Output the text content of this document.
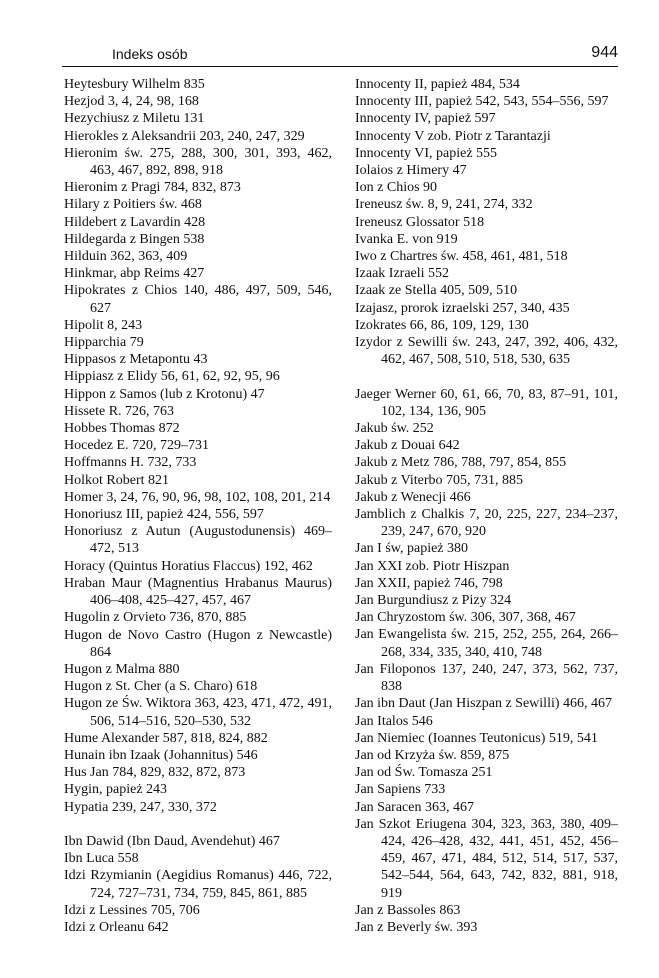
Indeks osób	944
Heytesbury Wilhelm 835
Hezjod 3, 4, 24, 98, 168
Hezychiusz z Miletu 131
Hierokles z Aleksandrii 203, 240, 247, 329
Hieronim św. 275, 288, 300, 301, 393, 462, 463, 467, 892, 898, 918
Hieronim z Pragi 784, 832, 873
Hilary z Poitiers św. 468
Hildebert z Lavardin 428
Hildegarda z Bingen 538
Hilduin 362, 363, 409
Hinkmar, abp Reims 427
Hipokrates z Chios 140, 486, 497, 509, 546, 627
Hipolit 8, 243
Hipparchia 79
Hippasos z Metapontu 43
Hippiasz z Elidy 56, 61, 62, 92, 95, 96
Hippon z Samos (lub z Krotonu) 47
Hissete R. 726, 763
Hobbes Thomas 872
Hocedez E. 720, 729–731
Hoffmanns H. 732, 733
Holkot Robert 821
Homer 3, 24, 76, 90, 96, 98, 102, 108, 201, 214
Honoriusz III, papież 424, 556, 597
Honoriusz z Autun (Augustodunensis) 469–472, 513
Horacy (Quintus Horatius Flaccus) 192, 462
Hraban Maur (Magnentius Hrabanus Maurus) 406–408, 425–427, 457, 467
Hugolin z Orvieto 736, 870, 885
Hugon de Novo Castro (Hugon z Newcastle) 864
Hugon z Malma 880
Hugon z St. Cher (a S. Charo) 618
Hugon ze Św. Wiktora 363, 423, 471, 472, 491, 506, 514–516, 520–530, 532
Hume Alexander 587, 818, 824, 882
Hunain ibn Izaak (Johannitus) 546
Hus Jan 784, 829, 832, 872, 873
Hygin, papież 243
Hypatia 239, 247, 330, 372
Ibn Dawid (Ibn Daud, Avendehut) 467
Ibn Luca 558
Idzi Rzymianin (Aegidius Romanus) 446, 722, 724, 727–731, 734, 759, 845, 861, 885
Idzi z Lessines 705, 706
Idzi z Orleanu 642
Innocenty II, papież 484, 534
Innocenty III, papież 542, 543, 554–556, 597
Innocenty IV, papież 597
Innocenty V zob. Piotr z Tarantazji
Innocenty VI, papież 555
Iolaios z Himery 47
Ion z Chios 90
Ireneusz św. 8, 9, 241, 274, 332
Ireneusz Glossator 518
Ivanka E. von 919
Iwo z Chartres św. 458, 461, 481, 518
Izaak Izraeli 552
Izaak ze Stella 405, 509, 510
Izajasz, prorok izraelski 257, 340, 435
Izokrates 66, 86, 109, 129, 130
Izydor z Sewilli św. 243, 247, 392, 406, 432, 462, 467, 508, 510, 518, 530, 635
Jaeger Werner 60, 61, 66, 70, 83, 87–91, 101, 102, 134, 136, 905
Jakub św. 252
Jakub z Douai 642
Jakub z Metz 786, 788, 797, 854, 855
Jakub z Viterbo 705, 731, 885
Jakub z Wenecji 466
Jamblich z Chalkis 7, 20, 225, 227, 234–237, 239, 247, 670, 920
Jan I św, papież 380
Jan XXI zob. Piotr Hiszpan
Jan XXII, papież 746, 798
Jan Burgundiusz z Pizy 324
Jan Chryzostom św. 306, 307, 368, 467
Jan Ewangelista św. 215, 252, 255, 264, 266–268, 334, 335, 340, 410, 748
Jan Filoponos 137, 240, 247, 373, 562, 737, 838
Jan ibn Daut (Jan Hiszpan z Sewilli) 466, 467
Jan Italos 546
Jan Niemiec (Ioannes Teutonicus) 519, 541
Jan od Krzyża św. 859, 875
Jan od Św. Tomasza 251
Jan Sapiens 733
Jan Saracen 363, 467
Jan Szkot Eriugena 304, 323, 363, 380, 409–424, 426–428, 432, 441, 451, 452, 456–459, 467, 471, 484, 512, 514, 517, 537, 542–544, 564, 643, 742, 832, 881, 918, 919
Jan z Bassoles 863
Jan z Beverly św. 393
